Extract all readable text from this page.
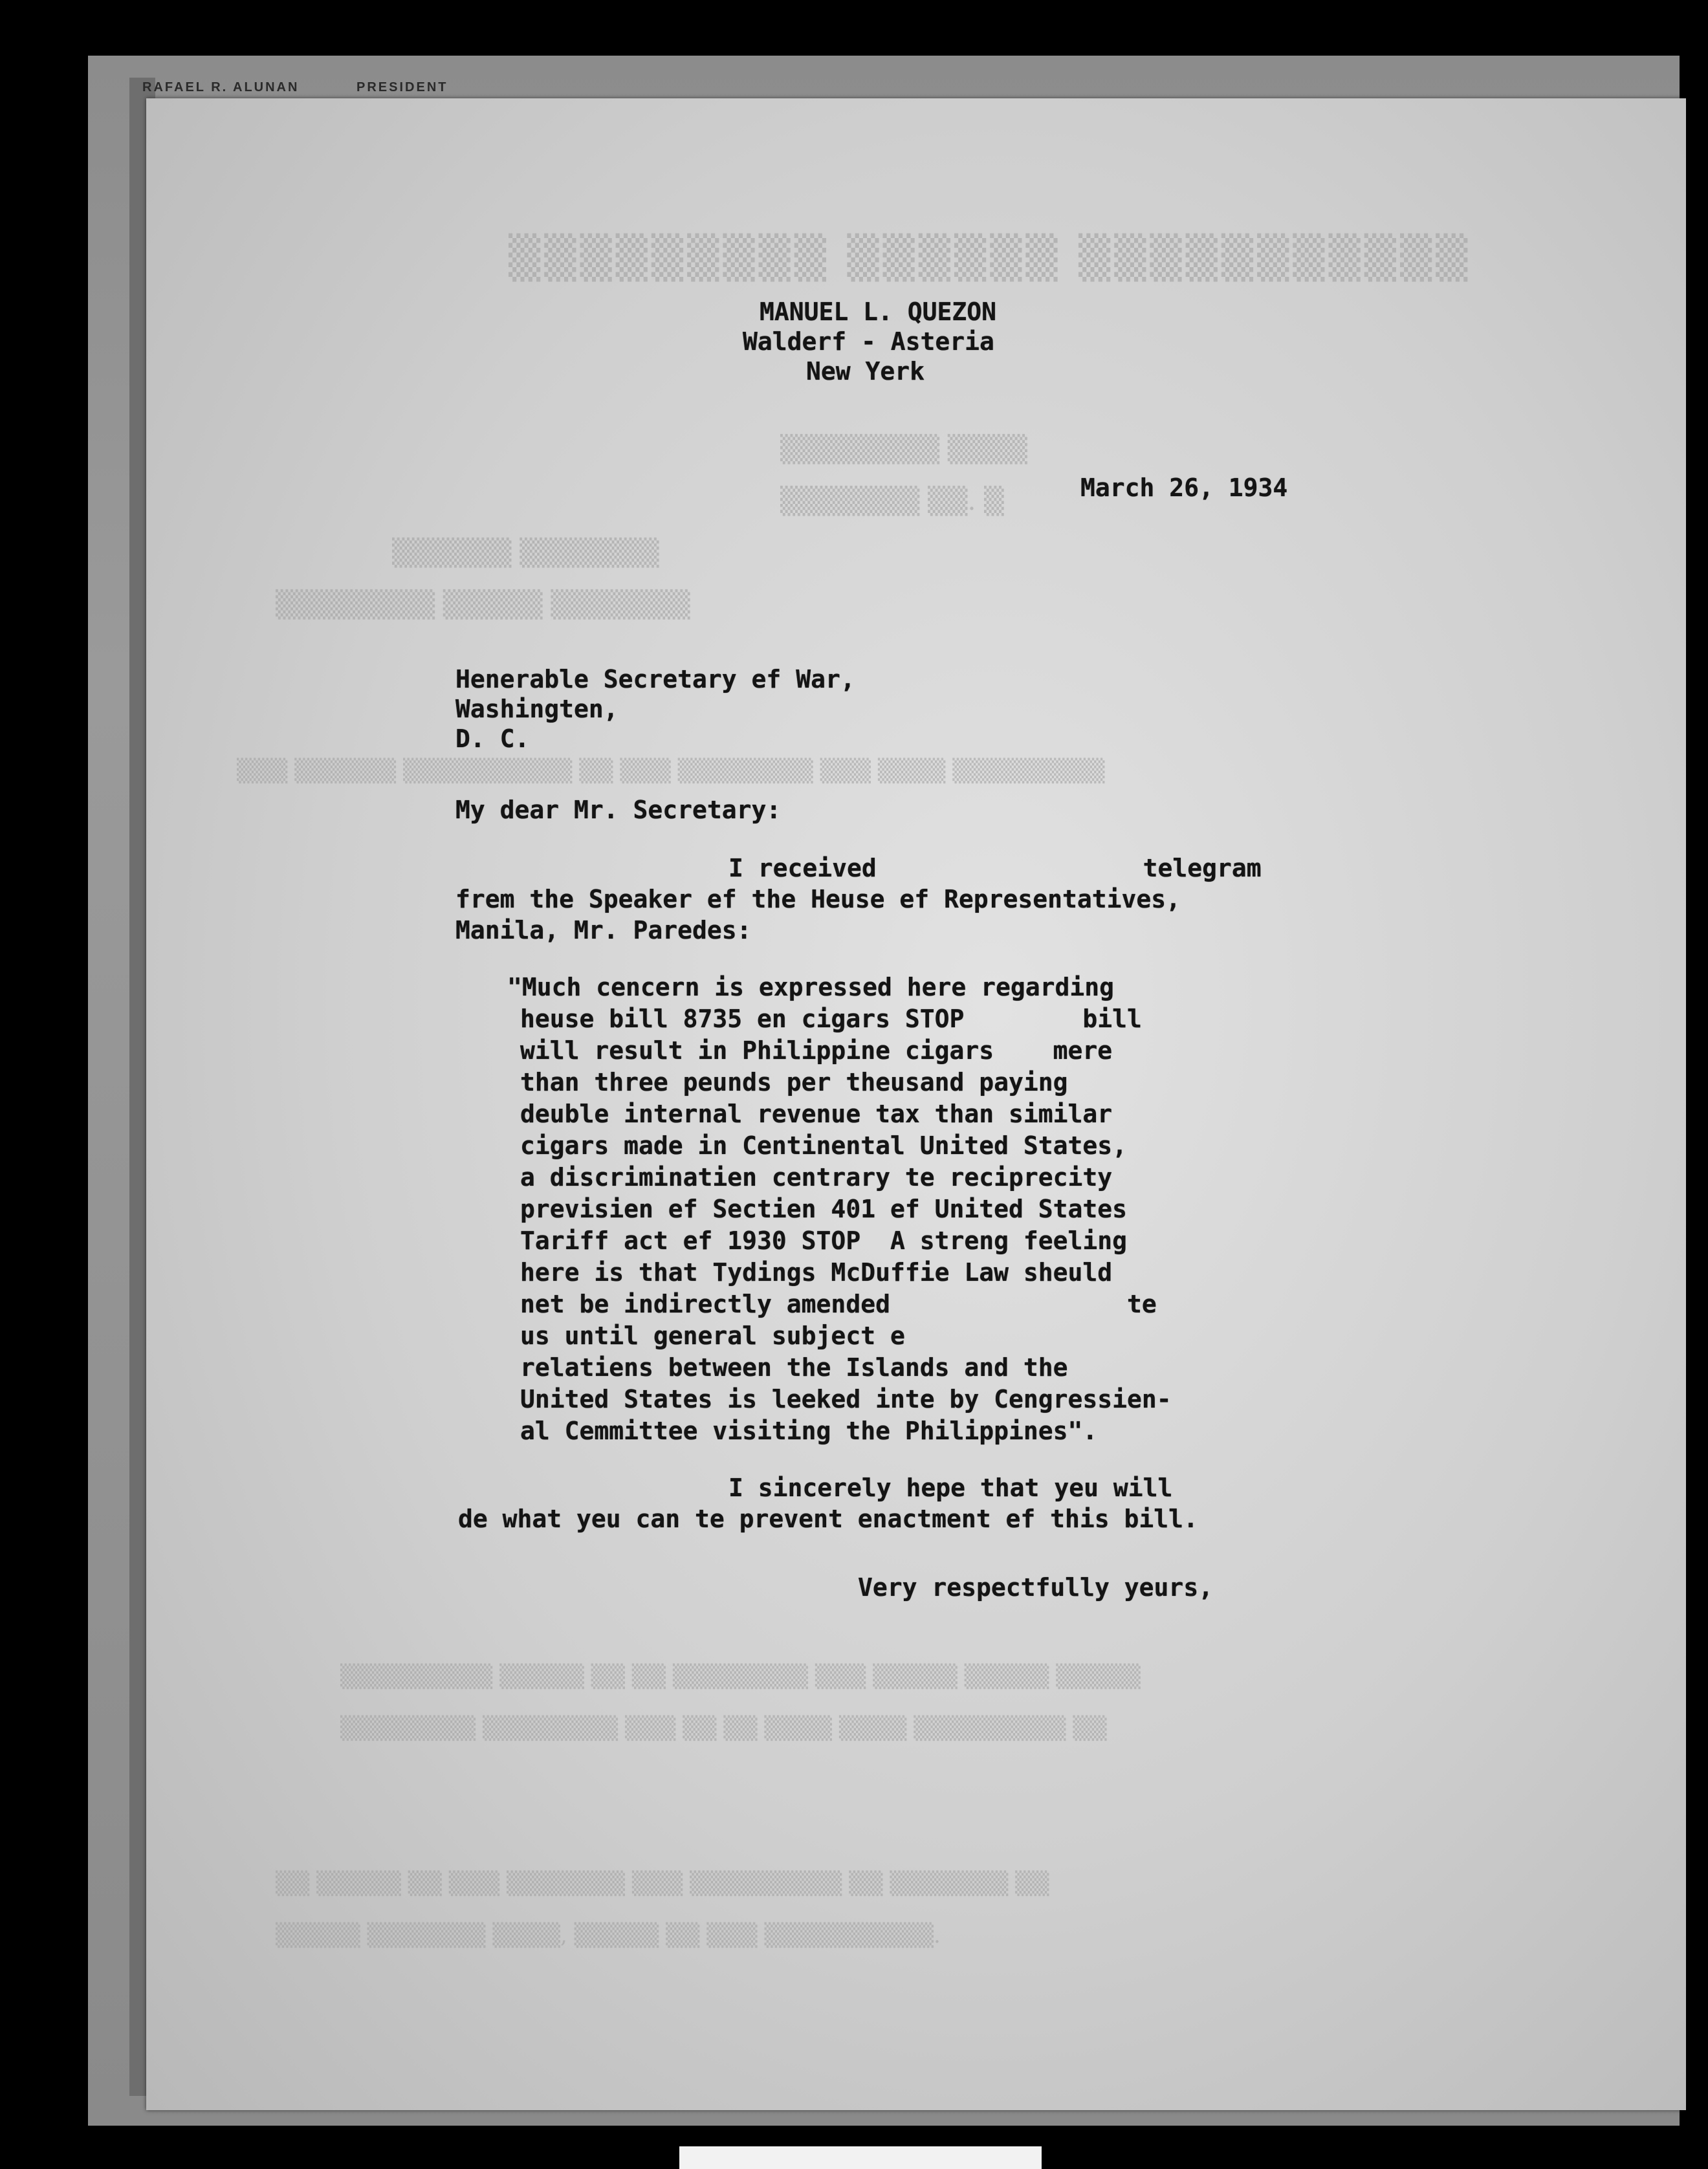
RAFAEL R. ALUNAN	PRESIDENT
▒▒▒▒▒▒▒▒▒ ▒▒▒▒▒▒ ▒▒▒▒▒▒▒▒▒▒▒
▒▒▒▒▒▒▒▒ ▒▒▒▒
▒▒▒▒▒▒▒ ▒▒. ▒
▒▒▒▒▒▒ ▒▒▒▒▒▒▒
▒▒▒▒▒▒▒▒ ▒▒▒▒▒ ▒▒▒▒▒▒▒
▒▒▒ ▒▒▒▒▒▒ ▒▒▒▒▒▒▒▒▒▒ ▒▒ ▒▒▒ ▒▒▒▒▒▒▒▒ ▒▒▒ ▒▒▒▒ ▒▒▒▒▒▒▒▒▒
▒▒▒▒▒▒▒▒▒ ▒▒▒▒▒ ▒▒ ▒▒ ▒▒▒▒▒▒▒▒ ▒▒▒ ▒▒▒▒▒ ▒▒▒▒▒ ▒▒▒▒▒
▒▒▒▒▒▒▒▒ ▒▒▒▒▒▒▒▒ ▒▒▒ ▒▒ ▒▒ ▒▒▒▒ ▒▒▒▒ ▒▒▒▒▒▒▒▒▒ ▒▒
▒▒ ▒▒▒▒▒ ▒▒ ▒▒▒ ▒▒▒▒▒▒▒ ▒▒▒ ▒▒▒▒▒▒▒▒▒ ▒▒ ▒▒▒▒▒▒▒ ▒▒
▒▒▒▒▒ ▒▒▒▒▒▒▒ ▒▒▒▒, ▒▒▒▒▒ ▒▒ ▒▒▒ ▒▒▒▒▒▒▒▒▒▒.
MANUEL L. QUEZON
Walderf - Asteria
New Yerk
March 26, 1934
Henerable Secretary ef War,
Washingten,
D. C.
My dear Mr. Secretary:
I received                  telegram
frem the Speaker ef the Heuse ef Representatives,
Manila, Mr. Paredes:
"Much cencern is expressed here regarding
heuse bill 8735 en cigars STOP        bill
will result in Philippine cigars    mere
than three peunds per theusand paying
deuble internal revenue tax than similar
cigars made in Centinental United States,
a discriminatien centrary te reciprecity
previsien ef Sectien 401 ef United States
Tariff act ef 1930 STOP  A streng feeling
here is that Tydings McDuffie Law sheuld
net be indirectly amended                te
us until general subject e
relatiens between the Islands and the
United States is leeked inte by Cengressien-
al Cemmittee visiting the Philippines".
I sincerely hepe that yeu will
de what yeu can te prevent enactment ef this bill.
Very respectfully yeurs,
